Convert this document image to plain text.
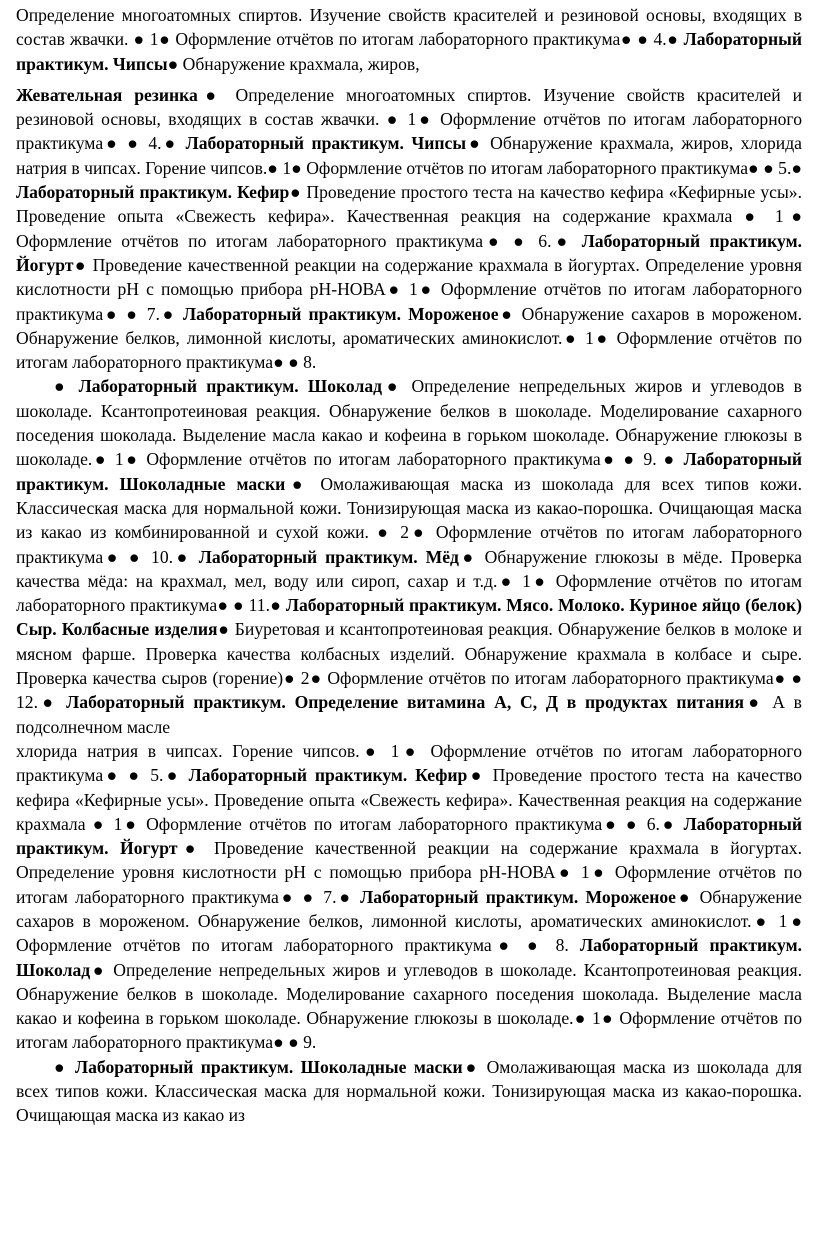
Определение многоатомных спиртов. Изучение свойств красителей и резиновой основы, входящих в состав жвачки. ● 1● Оформление отчётов по итогам лабораторного практикума● ● 4.● Лабораторный практикум. Чипсы● Обнаружение крахмала, жиров,

Жевательная резинка● Определение многоатомных спиртов. Изучение свойств красителей и резиновой основы, входящих в состав жвачки. ● 1● Оформление отчётов по итогам лабораторного практикума● ● 4.● Лабораторный практикум. Чипсы● Обнаружение крахмала, жиров, хлорида натрия в чипсах. Горение чипсов.● 1● Оформление отчётов по итогам лабораторного практикума● ● 5.● Лабораторный практикум. Кефир● Проведение простого теста на качество кефира «Кефирные усы». Проведение опыта «Свежесть кефира». Качественная реакция на содержание крахмала ● 1● Оформление отчётов по итогам лабораторного практикума● ● 6.● Лабораторный практикум. Йогурт● Проведение качественной реакции на содержание крахмала в йогуртах. Определение уровня кислотности рН с помощью прибора рН-НОВА● 1● Оформление отчётов по итогам лабораторного практикума● ● 7.● Лабораторный практикум. Мороженое● Обнаружение сахаров в мороженом. Обнаружение белков, лимонной кислоты, ароматических аминокислот.● 1● Оформление отчётов по итогам лабораторного практикума● ● 8.

● Лабораторный практикум. Шоколад● Определение непредельных жиров и углеводов в шоколаде. Ксантопротеиновая реакция. Обнаружение белков в шоколаде. Моделирование сахарного поседения шоколада. Выделение масла какао и кофеина в горьком шоколаде. Обнаружение глюкозы в шоколаде.● 1● Оформление отчётов по итогам лабораторного практикума● ● 9. ● Лабораторный практикум. Шоколадные маски● Омолаживающая маска из шоколада для всех типов кожи. Классическая маска для нормальной кожи. Тонизирующая маска из какао-порошка. Очищающая маска из какао из комбинированной и сухой кожи. ● 2● Оформление отчётов по итогам лабораторного практикума● ● 10.● Лабораторный практикум. Мёд● Обнаружение глюкозы в мёде. Проверка качества мёда: на крахмал, мел, воду или сироп, сахар и т.д.● 1● Оформление отчётов по итогам лабораторного практикума● ● 11.● Лабораторный практикум. Мясо. Молоко. Куриное яйцо (белок) Сыр. Колбасные изделия● Биуретовая и ксантопротеиновая реакция. Обнаружение белков в молоке и мясном фарше. Проверка качества колбасных изделий. Обнаружение крахмала в колбасе и сыре. Проверка качества сыров (горение)● 2● Оформление отчётов по итогам лабораторного практикума● ● 12.● Лабораторный практикум. Определение витамина А, С, Д в продуктах питания● А в подсолнечном масле

хлорида натрия в чипсах. Горение чипсов.● 1● Оформление отчётов по итогам лабораторного практикума● ● 5.● Лабораторный практикум. Кефир● Проведение простого теста на качество кефира «Кефирные усы». Проведение опыта «Свежесть кефира». Качественная реакция на содержание крахмала ● 1● Оформление отчётов по итогам лабораторного практикума● ● 6.● Лабораторный практикум. Йогурт● Проведение качественной реакции на содержание крахмала в йогуртах. Определение уровня кислотности рН с помощью прибора рН-НОВА● 1● Оформление отчётов по итогам лабораторного практикума● ● 7.● Лабораторный практикум. Мороженое● Обнаружение сахаров в мороженом. Обнаружение белков, лимонной кислоты, ароматических аминокислот.● 1● Оформление отчётов по итогам лабораторного практикума● ● 8. Лабораторный практикум. Шоколад● Определение непредельных жиров и углеводов в шоколаде. Ксантопротеиновая реакция. Обнаружение белков в шоколаде. Моделирование сахарного поседения шоколада. Выделение масла какао и кофеина в горьком шоколаде. Обнаружение глюкозы в шоколаде.● 1● Оформление отчётов по итогам лабораторного практикума● ● 9.

● Лабораторный практикум. Шоколадные маски● Омолаживающая маска из шоколада для всех типов кожи. Классическая маска для нормальной кожи. Тонизирующая маска из какао-порошка. Очищающая маска из какао из
